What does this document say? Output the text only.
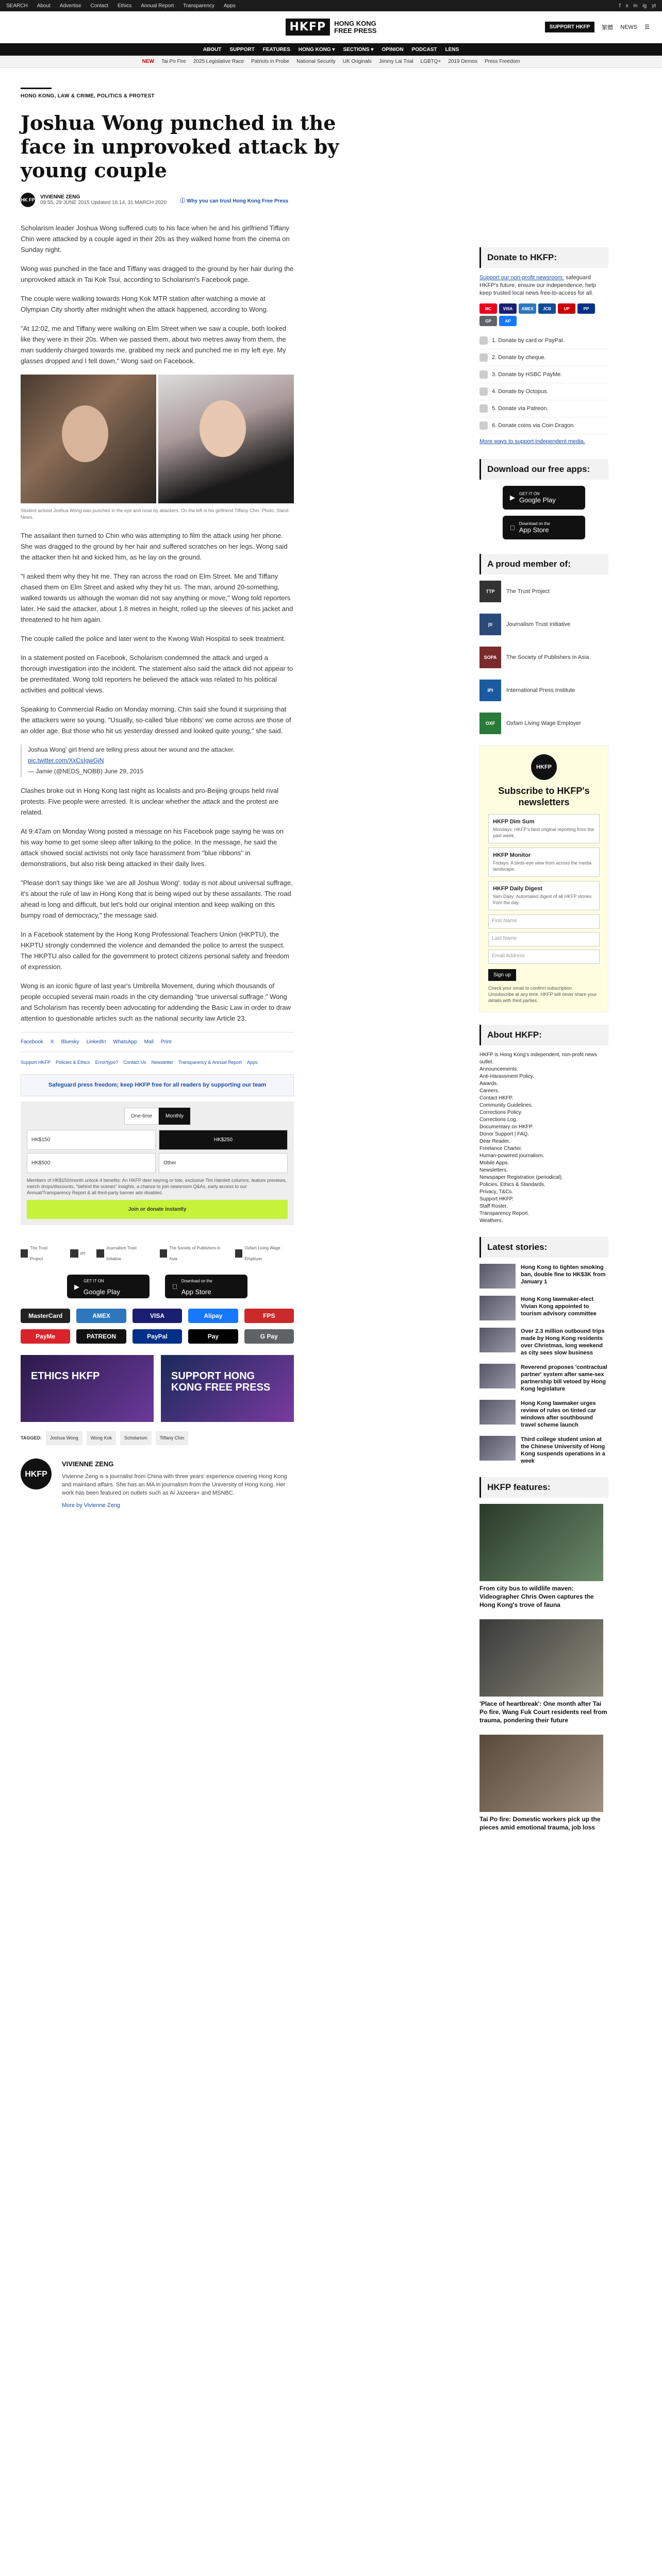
SEARCH About Advertise Contact Ethics Annual Report Transparency Apps	f x in ig yt
HKFP	HONG KONG
FREE PRESS	SUPPORT HKFP	繁體 NEWS ☰
ABOUT SUPPORT FEATURES HONG KONG ▾ SECTIONS ▾ OPINION PODCAST LENS
NEW Tai Po Fire 2025 Legislative Race Patriots in Probe National Security UK Originals Jimmy Lai Trial LGBTQ+ 2019 Demos Press Freedom
HONG KONG, LAW & CRIME, POLITICS & PROTEST
Joshua Wong punched in the face in unprovoked attack by young couple
HK FP VIVIENNE ZENG
09:55, 29 JUNE 2015 Updated 16:14, 31 MARCH 2020	ⓘ Why you can trust Hong Kong Free Press

Scholarism leader Joshua Wong suffered cuts to his face when he and his girlfriend Tiffany Chin were attacked by a couple aged in their 20s as they walked home from the cinema on Sunday night.

Wong was punched in the face and Tiffany was dragged to the ground by her hair during the unprovoked attack in Tai Kok Tsui, according to Scholarism's Facebook page.

The couple were walking towards Hong Kok MTR station after watching a movie at Olympian City shortly after midnight when the attack happened, according to Wong.

"At 12:02, me and Tiffany were walking on Elm Street when we saw a couple, both looked like they were in their 20s. When we passed them, about two metres away from them, the man suddenly charged towards me, grabbed my neck and punched me in my left eye. My glasses dropped and I fell down," Wong said on Facebook.

Student activist Joshua Wong was punched in the eye and nose by attackers. On the left is his girlfriend Tiffany Chin. Photo: Stand News.

The assailant then turned to Chin who was attempting to film the attack using her phone. She was dragged to the ground by her hair and suffered scratches on her legs. Wong said the attacker then hit and kicked him, as he lay on the ground.

"I asked them why they hit me. They ran across the road on Elm Street. Me and Tiffany chased them on Elm Street and asked why they hit us. The man, around 20-something, walked towards us although the woman did not say anything or move," Wong told reporters later. He said the attacker, about 1.8 metres in height, rolled up the sleeves of his jacket and threatened to hit him again.

The couple called the police and later went to the Kwong Wah Hospital to seek treatment.

In a statement posted on Facebook, Scholarism condemned the attack and urged a thorough investigation into the incident. The statement also said the attack did not appear to be premeditated. Wong told reporters he believed the attack was related to his political activities and political views.

Speaking to Commercial Radio on Monday morning, Chin said she found it surprising that the attackers were so young. "Usually, so-called 'blue ribbons' we come across are those of an older age. But those who hit us yesterday dressed and looked quite young," she said.

Joshua Wong' girl friend are telling press about her wound and the attacker.
pic.twitter.com/XxCsIgwGjN
— Jamie (@NEDS_NOBB) June 29, 2015

Clashes broke out in Hong Kong last night as localists and pro-Beijing groups held rival protests. Five people were arrested. It is unclear whether the attack and the protest are related.

At 9:47am on Monday Wong posted a message on his Facebook page saying he was on his way home to get some sleep after talking to the police. In the message, he said the attack showed social activists not only face harassment from "blue ribbons" in demonstrations, but also risk being attacked in their daily lives.

"Please don't say things like 'we are all Joshua Wong'. today is not about universal suffrage, it's about the rule of law in Hong Kong that is being wiped out by these assailants. The road ahead is long and difficult, but let's hold our original intention and keep walking on this bumpy road of democracy," the message said.

In a Facebook statement by the Hong Kong Professional Teachers Union (HKPTU), the HKPTU strongly condemned the violence and demanded the police to arrest the suspect. The HKPTU also called for the government to protect citizens personal safety and freedom of expression.

Wong is an iconic figure of last year's Umbrella Movement, during which thousands of people occupied several main roads in the city demanding "true universal suffrage." Wong and Scholarism has recently been advocating for addending the Basic Law in order to draw attention to questionable articles such as the national security law Article 23.

Facebook X Bluesky LinkedIn WhatsApp Mail Print
Support HKFP Policies & Ethics Error/typo? Contact Us Newsletter Transparency & Annual Report Apps
Safeguard press freedom; keep HKFP free for all readers by supporting our team
One-time	Monthly
HK$150	HK$250
HK$500	Other
Members of HK$150/month unlock 4 benefits: An HKFP deer keyring or tote, exclusive Tim Hamlett columns, feature previews, merch drops/discounts, "behind the scenes" insights, a chance to join newsroom Q&As, early access to our Annual/Transparency Report & all third-party banner ads disabled.
Join or donate instantly
The Trust Project
IPI
Journalism Trust Initiative
The Society of Publishers in Asia
Oxfam Living Wage Employer
▶
GET IT ON
Google Play
Download on the
App Store
MasterCard	AMEX	VISA	Alipay	FPS
PayMe	PATREON	PayPal	Pay	G Pay
ETHICS HKFP	SUPPORT HONG KONG FREE PRESS
TAGGED:	Joshua Wong	Wong Kok	Scholarism	Tiffany Chin
HKFP
VIVIENNE ZENG
Vivienne Zeng is a journalist from China with three years' experience covering Hong Kong and mainland affairs. She has an MA in journalism from the University of Hong Kong. Her work has been featured on outlets such as Al Jazeera+ and MSNBC.
More by Vivienne Zeng
Donate to HKFP:
Support our non-profit newsroom: safeguard HKFP's future, ensure our independence, help keep trusted local news free-to-access for all.
MC	VISA	AMEX	JCB	UP	PP
GP	AP
1. Donate by card or PayPal.
2. Donate by cheque.
3. Donate by HSBC PayMe.
4. Donate by Octopus.
5. Donate via Patreon.
6. Donate coins via Coin Dragon.
More ways to support independent media.
Download our free apps:
▶ GET IT ON
Google Play
Download on the
App Store
A proud member of:
TTP	The Trust Project
jti	Journalism Trust Initiative
SOPA	The Society of Publishers in Asia
IPI	International Press Institute
OXF	Oxfam Living Wage Employer
HKFP
Subscribe to HKFP's newsletters
HKFP Dim Sum
Mondays: HKFP's best original reporting from the past week.
HKFP Monitor
Fridays: A birds-eye view from across the media landscape.
HKFP Daily Digest
9am Daily: Automated digest of all HKFP stories from the day.
First Name
Last Name
Email Address
Sign up
Check your email to confirm subscription. Unsubscribe at any time. HKFP will never share your details with third parties.
About HKFP:
HKFP is Hong Kong's independent, non-profit news outlet.
Announcements.
Anti-Harassment Policy.
Awards.
Careers.
Contact HKFP.
Community Guidelines.
Corrections Policy.
Corrections Log.
Documentary on HKFP.
Donor Support | FAQ.
Dear Reader.
Freelance Charter.
Human-powered journalism.
Mobile Apps.
Newsletters.
Newspaper Registration (periodical).
Policies, Ethics & Standards.
Privacy, T&Cs.
Support HKFP.
Staff Roster.
Transparency Report.
Weathers.
Latest stories:
Hong Kong to tighten smoking ban, double fine to HK$3K from January 1
Hong Kong lawmaker-elect Vivian Kong appointed to tourism advisory committee
Over 2.3 million outbound trips made by Hong Kong residents over Christmas, long weekend as city sees slow business
Reverend proposes 'contractual partner' system after same-sex partnership bill vetoed by Hong Kong legislature
Hong Kong lawmaker urges review of rules on tinted car windows after southbound travel scheme launch
Third college student union at the Chinese University of Hong Kong suspends operations in a week
HKFP features:
From city bus to wildlife maven: Videographer Chris Owen captures the Hong Kong's trove of fauna
'Place of heartbreak': One month after Tai Po fire, Wang Fuk Court residents reel from trauma, pondering their future
Tai Po fire: Domestic workers pick up the pieces amid emotional trauma, job loss
